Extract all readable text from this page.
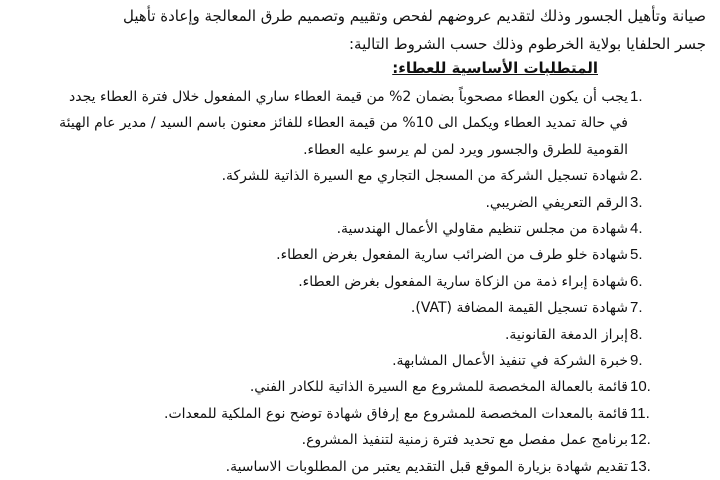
صيانة وتأهيل الجسور وذلك لتقديم عروضهم لفحص وتقييم وتصميم طرق المعالجة وإعادة تأهيل
جسر الحلفايا بولاية الخرطوم وذلك حسب الشروط التالية:
المتطلبات الأساسية للعطاء:
1.
يجب أن يكون العطاء مصحوباً بضمان 2% من قيمة العطاء ساري المفعول خلال فترة العطاء يجدد
في حالة تمديد العطاء ويكمل الى 10% من قيمة العطاء للفائز معنون باسم السيد / مدير عام الهيئة
القومية للطرق والجسور ويرد لمن لم يرسو عليه العطاء.
2.
شهادة تسجيل الشركة من المسجل التجاري مع السيرة الذاتية للشركة.
3.
الرقم التعريفي الضريبي.
4.
شهادة من مجلس تنظيم مقاولي الأعمال الهندسية.
5.
شهادة خلو طرف من الضرائب سارية المفعول بغرض العطاء.
6.
شهادة إبراء ذمة من الزكاة سارية المفعول بغرض العطاء.
7.
شهادة تسجيل القيمة المضافة (VAT).
8.
إبراز الدمغة القانونية.
9.
خبرة الشركة في تنفيذ الأعمال المشابهة.
10.
قائمة بالعمالة المخصصة للمشروع مع السيرة الذاتية للكادر الفني.
11.
قائمة بالمعدات المخصصة للمشروع مع إرفاق شهادة توضح نوع الملكية للمعدات.
12.
برنامج عمل مفصل مع تحديد فترة زمنية لتنفيذ المشروع.
13.
تقديم شهادة بزيارة الموقع قبل التقديم يعتبر من المطلوبات الاساسية.
